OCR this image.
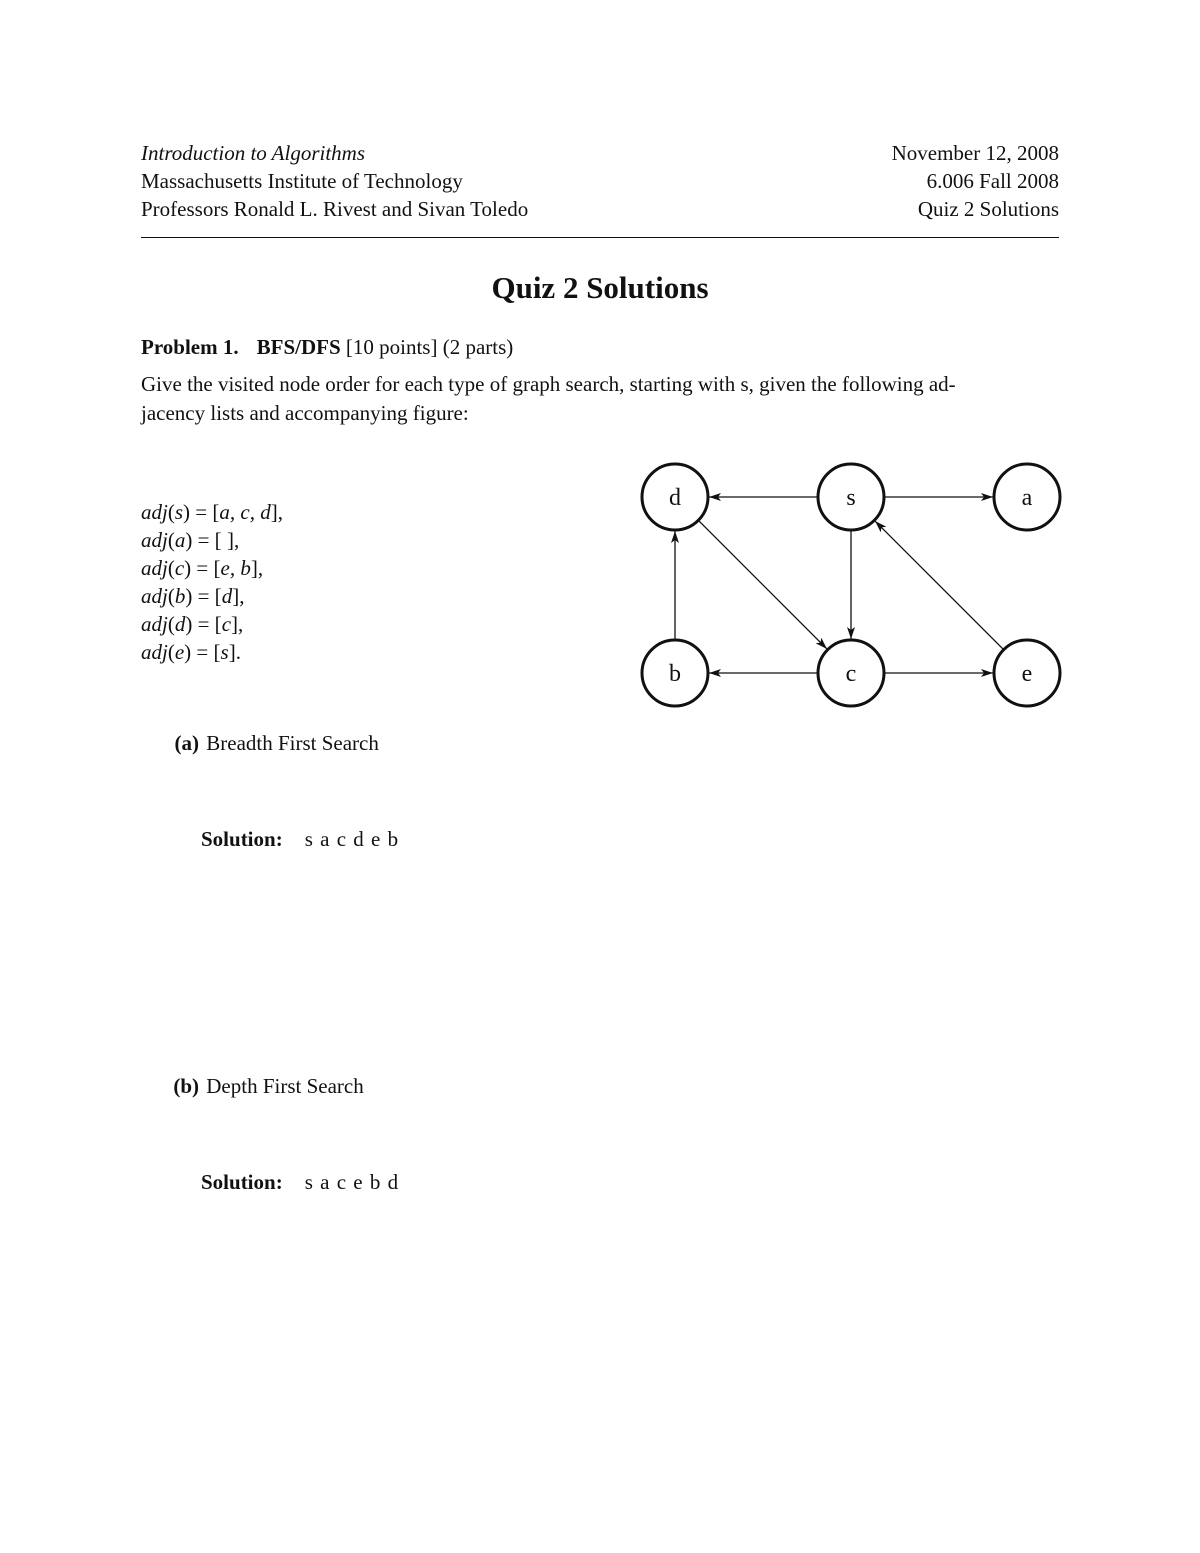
Introduction to Algorithms	November 12, 2008
Massachusetts Institute of Technology	6.006 Fall 2008
Professors Ronald L. Rivest and Sivan Toledo	Quiz 2 Solutions
Quiz 2 Solutions
Problem 1. BFS/DFS [10 points] (2 parts)
Give the visited node order for each type of graph search, starting with s, given the following ad-
jacency lists and accompanying figure:
adj(s) = [a, c, d],
adj(a) = [ ],
adj(c) = [e, b],
adj(b) = [d],
adj(d) = [c],
adj(e) = [s].
d	s	a
b	c	e
(a) Breadth First Search
Solution: s a c d e b
(b) Depth First Search
Solution: s a c e b d
